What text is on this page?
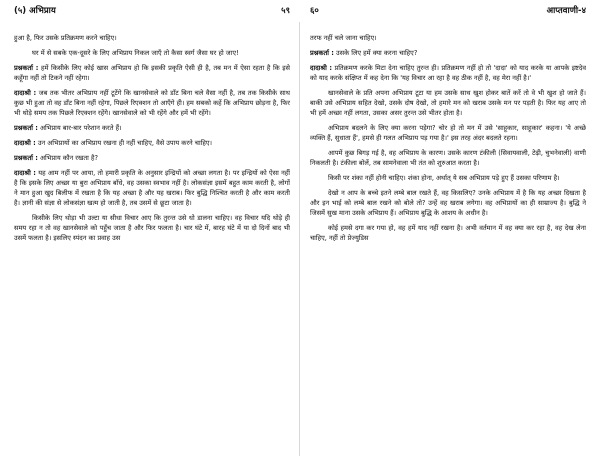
(५) अभिप्राय	५९

हुआ है, फिर उसके प्रतिक्रमण करने चाहिए।

घर में से सबके एक-दूसरे के लिए अभिप्राय निकल जाएँ तो कैसा स्वर्ग जैसा घर हो जाए!

प्रश्नकर्ता : हमें किसीके लिए कोई खास अभिप्राय हो कि इसकी प्रकृति ऐसी ही है, तब मन में ऐसा रहता है कि इसे कहूँगा नहीं तो टिकने नहीं रहेगा।

दादाश्री : जब तक भीतर अभिप्राय नहीं टूटेंगे कि खानसेवाले को डाँट बिना चले वैसा नहीं है, तब तक किसीके साथ कुछ भी हुआ तो वह डाँट बिना नहीं रहेगा, पिछले रिएक्शन तो आएँगे ही। हम सबको कहें कि अभिप्राय छोड़ना है, फिर भी थोड़े समय तक पिछले रिएक्शन रहेंगे। खानसेवाले को भी रहेंगे और हमें भी रहेंगे।

प्रश्नकर्ता : अभिप्राय बार-बार परेशान करते हैं।

दादाश्री : उन अभिप्रायों का अभिप्राय रखना ही नहीं चाहिए, वैसे उपाय करने चाहिए।

प्रश्नकर्ता : अभिप्राय कौन रखता है?

दादाश्री : यह आम नहीं पर आया, तो हमारी प्रकृति के अनुसार इन्द्रियों को अच्छा लगता है। पर इन्द्रियों को ऐसा नहीं है कि इसके लिए अच्छा या बुरा अभिप्राय बाँधे, वह उसका स्वभाव नहीं है। लोकसंज्ञा इसमें बहुत काम करती है, लोगों ने मान हुआ खुद बिलीफ में रखता है कि यह अच्छा है और यह खराब। फिर बुद्धि निश्चित करती है और काम करती है। ज्ञानी की संज्ञा से लोकसंज्ञा खत्म हो जाती है, तब उसमें से छूटा जाता है।

किसीके लिए थोड़ा भी उल्टा या सीधा विचार आए कि तुरन्त उसे धो डालना चाहिए। वह विचार यदि थोड़े ही समय रहा न तो वह खानसेवाले को पहुँच जाता है और फिर फलता है। चार घंटे में, बारह घंटे में या दो दिनों बाद भी उसमें फलता है। इसलिए स्पंदन का प्रवाह उस

६०	आप्तवाणी-४

तरफ नहीं चले जाना चाहिए।

प्रश्नकर्ता : उसके लिए हमें क्या करना चाहिए?

दादाश्री : प्रतिक्रमण करके मिटा देना चाहिए तुरन्त ही। प्रतिक्रमण नहीं हो तो 'दादा' को याद करके या आपके इष्टदेव को याद करके संक्षिप्त में कह देना कि 'यह विचार आ रहा है वह ठीक नहीं है, वह मेरा नहीं है।'

खानसेवाले के प्रति अपना अभिप्राय टूटा या हम उसके साथ खुश होकर बातें करें तो वे भी खुश हो जाते हैं। बाकी उसे अभिप्राय सहित देखो, उसके दोष देखो, तो हमारे मन को खराब उसके मन पर पड़ती है। फिर यह आए तो भी हमें अच्छा नहीं लगता, उसका असर तुरन्त उसे भीतर होता है।

अभिप्राय बदलने के लिए क्या करना पड़ेगा? चोर हो तो मन में उसे 'साहूकार, साहूकार' कहना। 'ये अच्छे व्यक्ति हैं, सुधाता हैं', हमसे ही गलत अभिप्राय पड़ गया है।' इस तरह अंदर बदलते रहना।

आपमें कुछ बिगड़ गई है, वह अभिप्राय के कारण। उसके कारण टंकीली (सिवायवाली, टेढ़ी, चुभनेवाली) वाणी निकलती है। टंकीला बोलें, तब सामनेवाला भी तंत को शुरुआत करता है।

किसी पर शंका नहीं होनी चाहिए। शंका होना, अर्थात् ये सब अभिप्राय पड़े हुए हैं उसका परिणाम है।

देखो न आप के बच्चे इतने लम्बे बाल रखते हैं, वह किसलिए? उनके अभिप्राय में है कि यह अच्छा दिखता है और इन भाई को लम्बे बाल रखने को बोले तो? उन्हें वह खराब लगेगा। वह अभिप्रायों का ही साम्राज्य है। बुद्धि ने जिसमें सुख माना उसके अभिप्राय हैं। अभिप्राय बुद्धि के आशय के अधीन है।

कोई हमसे दगा कर गया हो, वह हमें याद नहीं रखना है। अभी वर्तमान में वह क्या कर रहा है, वह देख लेना चाहिए, नहीं तो प्रेज्युडिस
